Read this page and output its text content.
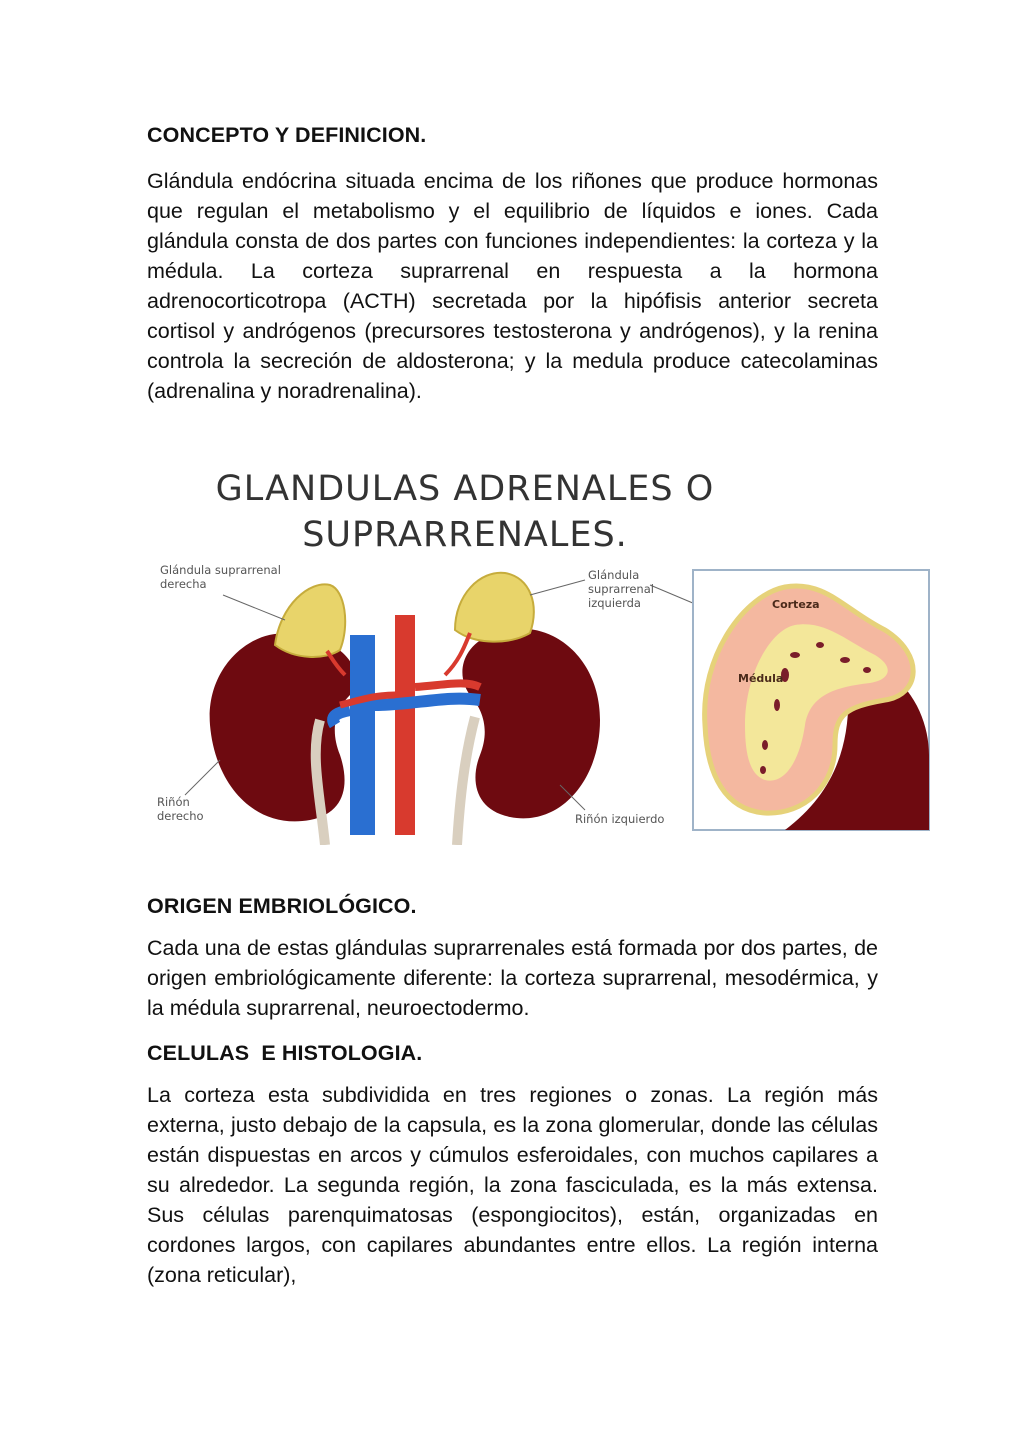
CONCEPTO Y DEFINICION.

Glándula endócrina situada encima de los riñones que produce hormonas que regulan el metabolismo y el equilibrio de líquidos e iones. Cada glándula consta de dos partes con funciones independientes: la corteza y la médula. La corteza suprarrenal en respuesta a la hormona adrenocorticotropa (ACTH) secretada por la hipófisis anterior secreta cortisol y andrógenos (precursores testosterona y andrógenos), y la renina controla la secreción de aldosterona; y la medula produce catecolaminas (adrenalina y noradrenalina).

GLANDULAS ADRENALES O
SUPRARRENALES.
Glándula suprarrenal
derecha
Glándula
suprarrenal
izquierda
Riñón
derecho	Riñón izquierdo
Corteza
Médula
ORIGEN EMBRIOLÓGICO.

Cada una de estas glándulas suprarrenales está formada por dos partes, de origen embriológicamente diferente: la corteza suprarrenal, mesodérmica, y la médula suprarrenal, neuroectodermo.

CELULAS  E HISTOLOGIA.

La corteza esta subdividida en tres regiones o zonas. La región más externa, justo debajo de la capsula, es la zona glomerular, donde las células están dispuestas en arcos y cúmulos esferoidales, con muchos capilares a su alrededor. La segunda región, la zona fasciculada, es la más extensa. Sus células parenquimatosas (espongiocitos), están, organizadas en cordones largos, con capilares abundantes entre ellos. La región interna (zona reticular),
